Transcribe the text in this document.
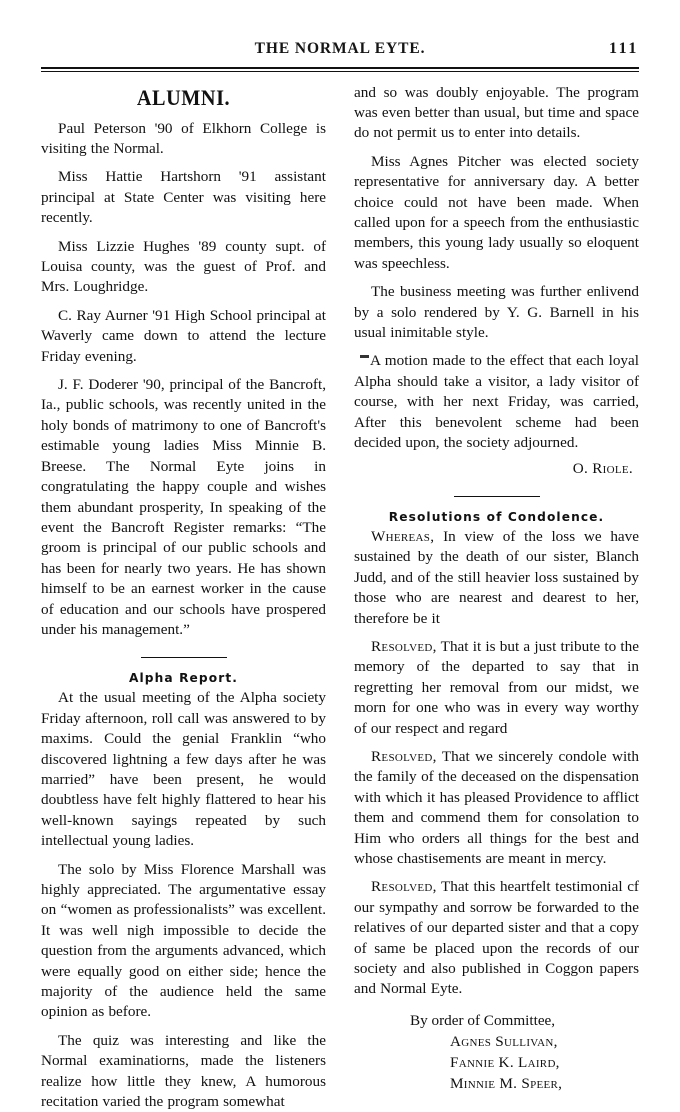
THE NORMAL EYTE.	111
ALUMNI.

Paul Peterson '90 of Elkhorn College is visiting the Normal.

Miss Hattie Hartshorn '91 assistant principal at State Center was visiting here recently.

Miss Lizzie Hughes '89 county supt. of Louisa county, was the guest of Prof. and Mrs. Loughridge.

C. Ray Aurner '91 High School principal at Waverly came down to attend the lecture Friday evening.

J. F. Doderer '90, principal of the Bancroft, Ia., public schools, was recently united in the holy bonds of matrimony to one of Bancroft's estimable young ladies Miss Minnie B. Breese. The Normal Eyte joins in congratulating the happy couple and wishes them abundant prosperity, In speaking of the event the Bancroft Register remarks: “The groom is principal of our public schools and has been for nearly two years. He has shown himself to be an earnest worker in the cause of education and our schools have prospered under his management.”

Alpha Report.

At the usual meeting of the Alpha society Friday afternoon, roll call was answered to by maxims. Could the genial Franklin “who discovered lightning a few days after he was married” have been present, he would doubtless have felt highly flattered to hear his well-known sayings repeated by such intellectual young ladies.

The solo by Miss Florence Marshall was highly appreciated. The argumentative essay on “women as professionalists” was excellent. It was well nigh impossible to decide the question from the arguments advanced, which were equally good on either side; hence the majority of the audience held the same opinion as before.

The quiz was interesting and like the Normal examinatiorns, made the listeners realize how little they knew, A humorous recitation varied the program somewhat

and so was doubly enjoyable. The program was even better than usual, but time and space do not permit us to enter into details.

Miss Agnes Pitcher was elected society representative for anniversary day. A better choice could not have been made. When called upon for a speech from the enthusiastic members, this young lady usually so eloquent was speechless.

The business meeting was further enlivend by a solo rendered by Y. G. Barnell in his usual inimitable style.

A motion made to the effect that each loyal Alpha should take a visitor, a lady visitor of course, with her next Friday, was carried, After this benevolent scheme had been decided upon, the society adjourned.

O. Riole.
Resolutions of Condolence.

Whereas, In view of the loss we have sustained by the death of our sister, Blanch Judd, and of the still heavier loss sustained by those who are nearest and dearest to her, therefore be it

Resolved, That it is but a just tribute to the memory of the departed to say that in regretting her removal from our midst, we morn for one who was in every way worthy of our respect and regard

Resolved, That we sincerely condole with the family of the deceased on the dispensation with which it has pleased Providence to afflict them and commend them for consolation to Him who orders all things for the best and whose chastisements are meant in mercy.

Resolved, That this heartfelt testimonial cf our sympathy and sorrow be forwarded to the relatives of our departed sister and that a copy of same be placed upon the records of our society and also published in Coggon papers and Normal Eyte.

By order of Committee,
Agnes Sullivan,
Fannie K. Laird,
Minnie M. Speer,
